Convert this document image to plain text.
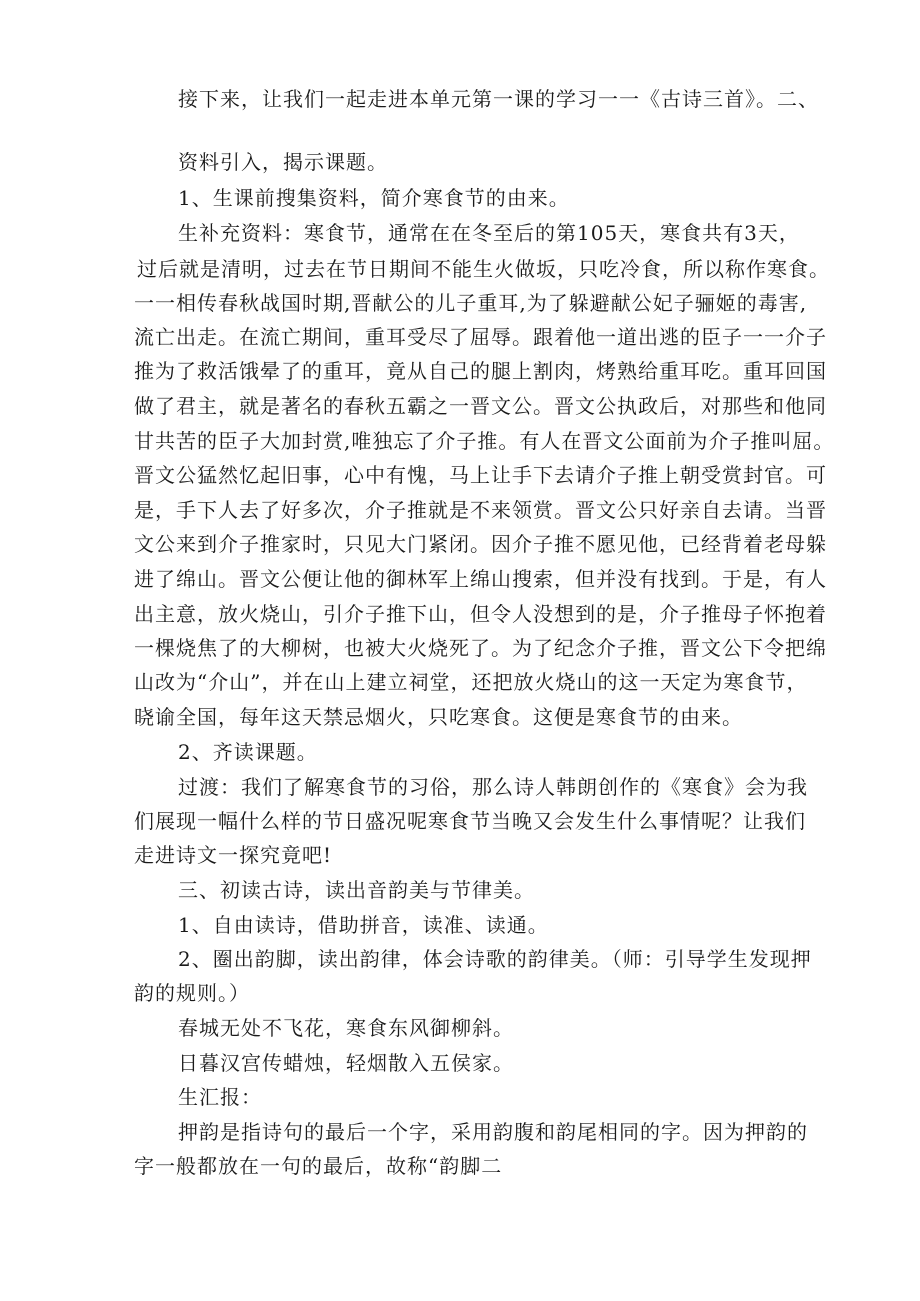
接下来，让我们一起走进本单元第一课的学习一一《古诗三首》。二、
资料引入，揭示课题。
1、生课前搜集资料，简介寒食节的由来。
生补充资料：寒食节，通常在在冬至后的第105天，寒食共有3天，
过后就是清明，过去在节日期间不能生火做坂，只吃冷食，所以称作寒食。
一一相传春秋战国时期,晋献公的儿子重耳,为了躲避献公妃子骊姬的毒害,
流亡出走。在流亡期间，重耳受尽了屈辱。跟着他一道出逃的臣子一一介子
推为了救活饿晕了的重耳，竟从自己的腿上割肉，烤熟给重耳吃。重耳回国
做了君主，就是著名的春秋五霸之一晋文公。晋文公执政后，对那些和他同
甘共苦的臣子大加封赏,唯独忘了介子推。有人在晋文公面前为介子推叫屈。
晋文公猛然忆起旧事，心中有愧，马上让手下去请介子推上朝受赏封官。可
是，手下人去了好多次，介子推就是不来领赏。晋文公只好亲自去请。当晋
文公来到介子推家时，只见大门紧闭。因介子推不愿见他，已经背着老母躲
进了绵山。晋文公便让他的御林军上绵山搜索，但并没有找到。于是，有人
出主意，放火烧山，引介子推下山，但令人没想到的是，介子推母子怀抱着
一棵烧焦了的大柳树，也被大火烧死了。为了纪念介子推，晋文公下令把绵
山改为“介山”，并在山上建立祠堂，还把放火烧山的这一天定为寒食节，
晓谕全国，每年这天禁忌烟火，只吃寒食。这便是寒食节的由来。
2、齐读课题。
过渡：我们了解寒食节的习俗，那么诗人韩朗创作的《寒食》会为我
们展现一幅什么样的节日盛况呢寒食节当晚又会发生什么事情呢？让我们
走进诗文一探究竟吧!
三、初读古诗，读出音韵美与节律美。
1、自由读诗，借助拼音，读准、读通。
2、圈出韵脚，读出韵律，体会诗歌的韵律美。（师：引导学生发现押
韵的规则。）
春城无处不飞花，寒食东风御柳斜。
日暮汉宫传蜡烛，轻烟散入五侯家。
生汇报：
押韵是指诗句的最后一个字，采用韵腹和韵尾相同的字。因为押韵的
字一般都放在一句的最后，故称“韵脚二
